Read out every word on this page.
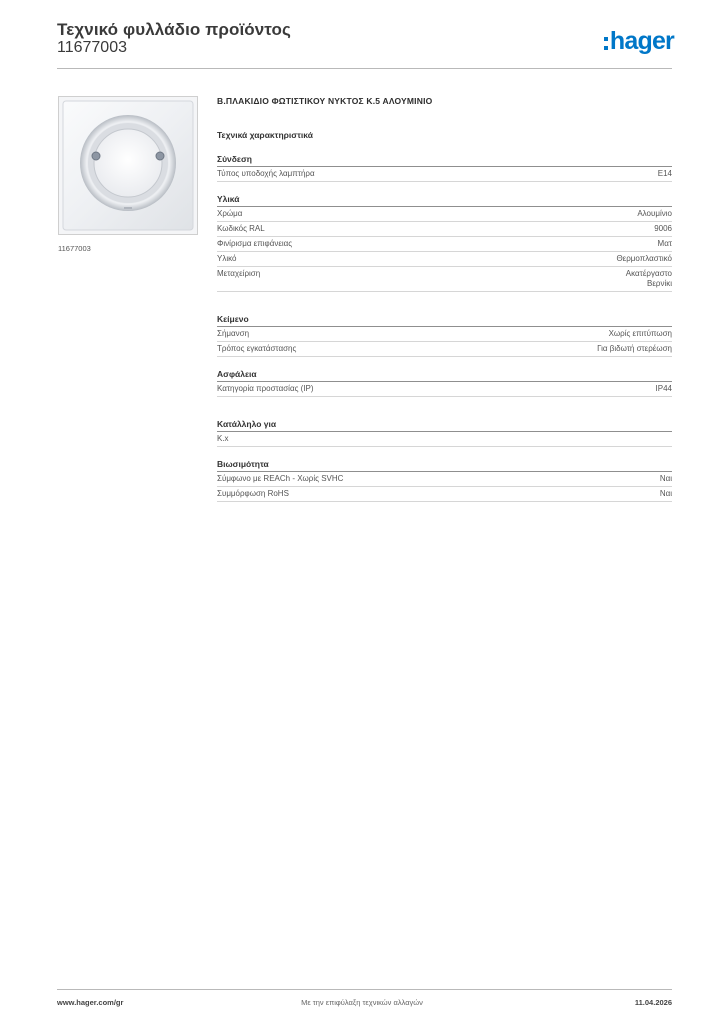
Τεχνικό φυλλάδιο προϊόντος
11677003	hager
11677003
Β.ΠΛΑΚΙΔΙΟ ΦΩΤΙΣΤΙΚΟΥ ΝΥΚΤΟΣ Κ.5 ΑΛΟΥΜΙΝΙΟ
Τεχνικά χαρακτηριστικά
Σύνδεση
Τύπος υποδοχής λαμπτήρα	E14
Υλικά
Χρώμα	Αλουμίνιο
Κωδικός RAL	9006
Φινίρισμα επιφάνειας	Ματ
Υλικό	Θερμοπλαστικό
Μεταχείριση	Ακατέργαστο
Βερνίκι
Κείμενο
Σήμανση	Χωρίς επιτύπωση
Τρόπος εγκατάστασης	Για βιδωτή στερέωση
Ασφάλεια
Κατηγορία προστασίας (IP)	IP44
Κατάλληλο για
K.x
Βιωσιμότητα
Σύμφωνο με REACh - Χωρίς SVHC	Ναι
Συμμόρφωση RoHS	Ναι
www.hager.com/gr	Με την επιφύλαξη τεχνικών αλλαγών	11.04.2026
